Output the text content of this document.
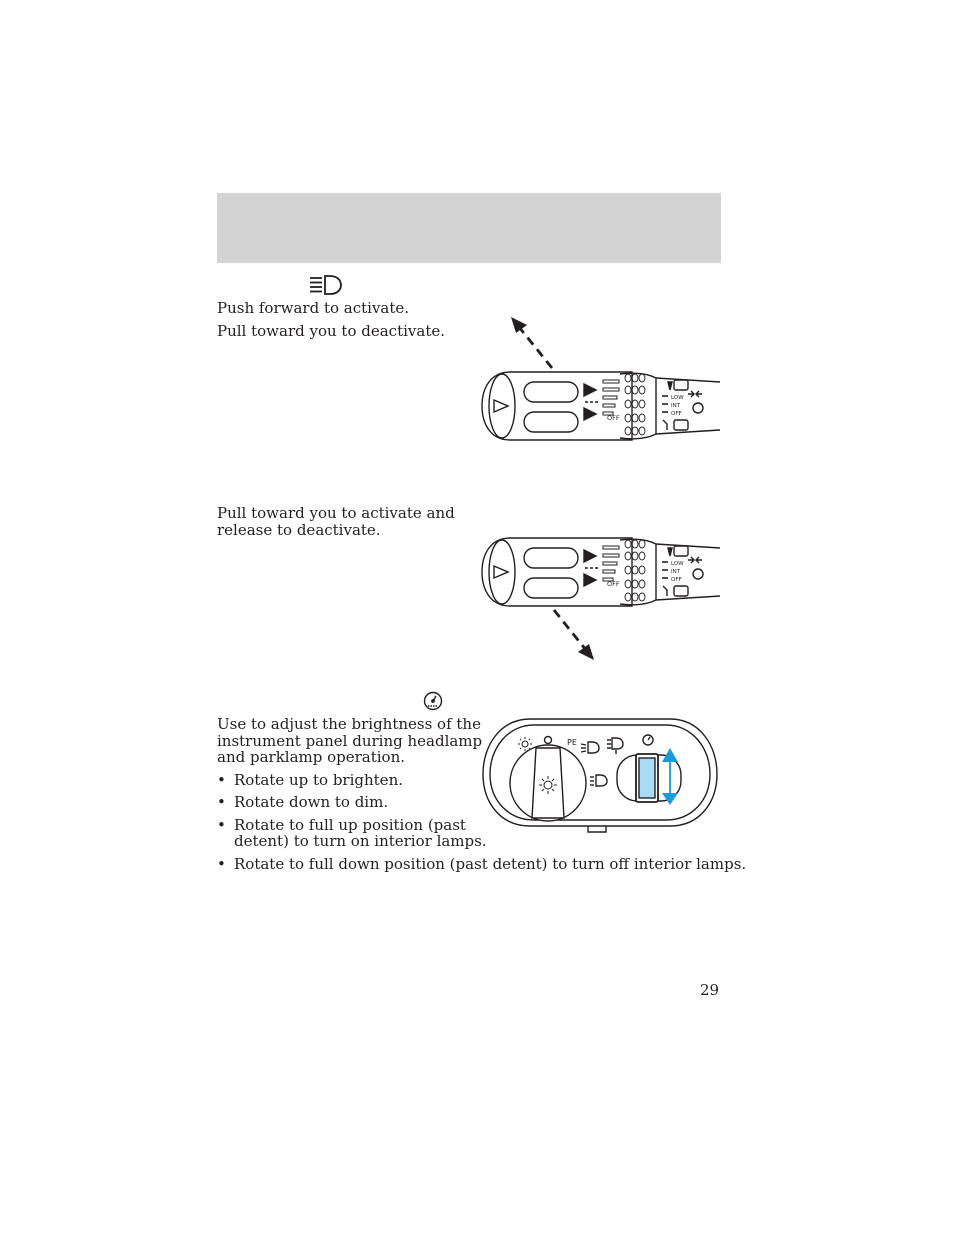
Push forward to activate.
Pull toward you to deactivate.
OFF
LOW
INT
OFF
Pull toward you to activate and
release to deactivate.
OFF
LOW
INT
OFF
Use to adjust the brightness of the
instrument panel during headlamp
and parklamp operation.
• Rotate up to brighten.
• Rotate down to dim.
• Rotate to full up position (past
detent) to turn on interior lamps.
• Rotate to full down position (past detent) to turn off interior lamps.
PE
29
